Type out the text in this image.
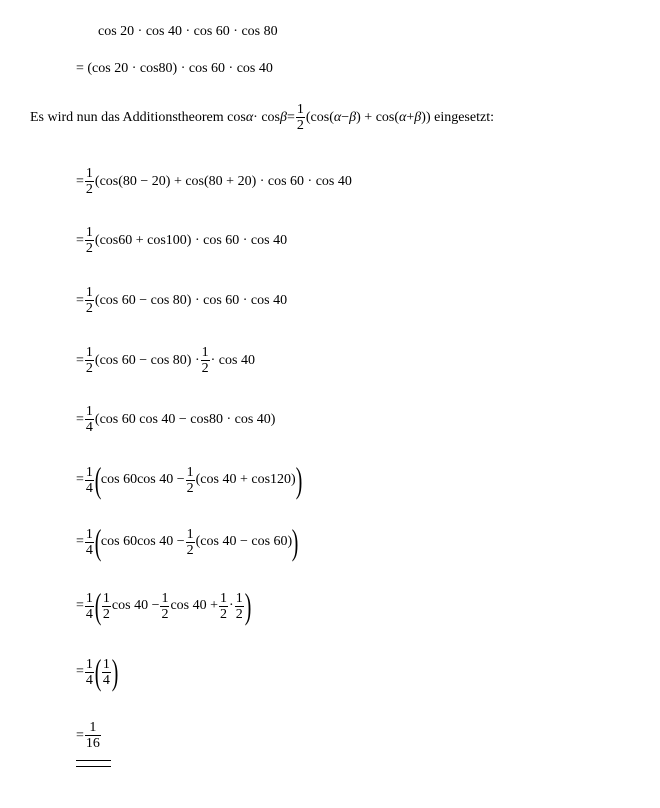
cos 20 · cos 40 · cos 60 · cos 80
= (cos 20 · cos80) · cos 60 · cos 40
Es wird nun das Additionstheorem $\cos \alpha \cdot \cos \beta = \frac{1}{2} (\cos$( α − β ) + cos( α + β )) eingesetzt:
= $\frac{1}{2} (\cos(80 - 20) + \cos(80 + 20) \cdot \cos 60 \cdot \cos 40$
= $\frac{1}{2} (\cos 60 + \cos 100) \cdot \cos 60 \cdot \cos 40$
= $\frac{1}{2} (\cos$ 60 − cos 80) · cos 60 · cos 40
= $\frac{1}{2} (\cos$ $60 - \cos 80) \cdot \frac{1}{2} \cdot \cos 40$
= $\frac{1}{4} (\cos$ 60 cos 40 − cos80 · cos 40)
= $\frac{1}{4}$ ( cos 60cos $40 - \frac{1}{2} (\cos$ 40 + cos120) )
= $\frac{1}{4}$ ( cos 60cos $40 - \frac{1}{2} (\cos$ 40 − cos 60) )
= $\frac{1}{4}$ ( $\frac{1}{2}$ $\cos 40 - \frac{1}{2}$ $\cos 40 + \frac{1}{2} \cdot \frac{1}{2}$ )
= $\frac{1}{4}$ ( $\frac{1}{4}$ )
= $\frac{1}{16}$
